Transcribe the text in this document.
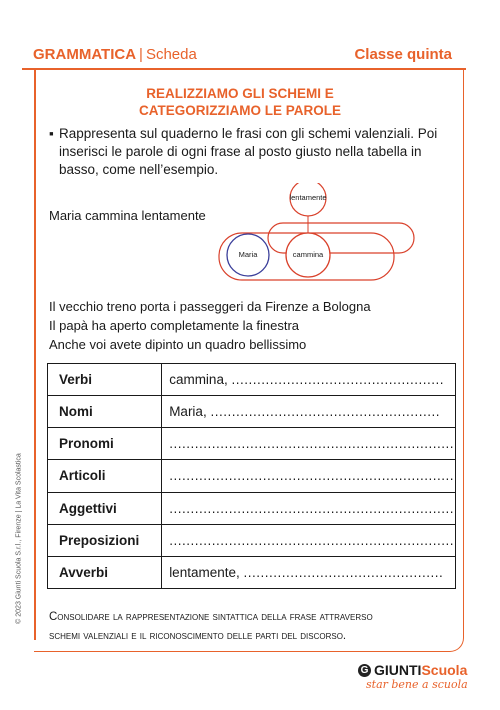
GRAMMATICA | Scheda	Classe quinta
REALIZZIAMO GLI SCHEMI E
CATEGORIZZIAMO LE PAROLE
▪ Rappresenta sul quaderno le frasi con gli schemi valenziali. Poi inserisci le parole di ogni frase al posto giusto nella tabella in basso, come nell’esempio.
Maria cammina lentamente
lentamente
Maria	cammina
Il vecchio treno porta i passeggeri da Firenze a Bologna
Il papà ha aperto completamente la finestra
Anche voi avete dipinto un quadro bellissimo
Verbi	cammina, ..................................................
Nomi	Maria, ......................................................
Pronomi	...................................................................
Articoli	...................................................................
Aggettivi	...................................................................
Preposizioni	...................................................................
Avverbi	lentamente, ...............................................
Consolidare la rappresentazione sintattica della frase attraverso
schemi valenziali e il riconoscimento delle parti del discorso.
© 2023 Giunti Scuola S.r.l., Firenze | La Vita Scolastica
G GIUNTI Scuola
star bene a scuola
